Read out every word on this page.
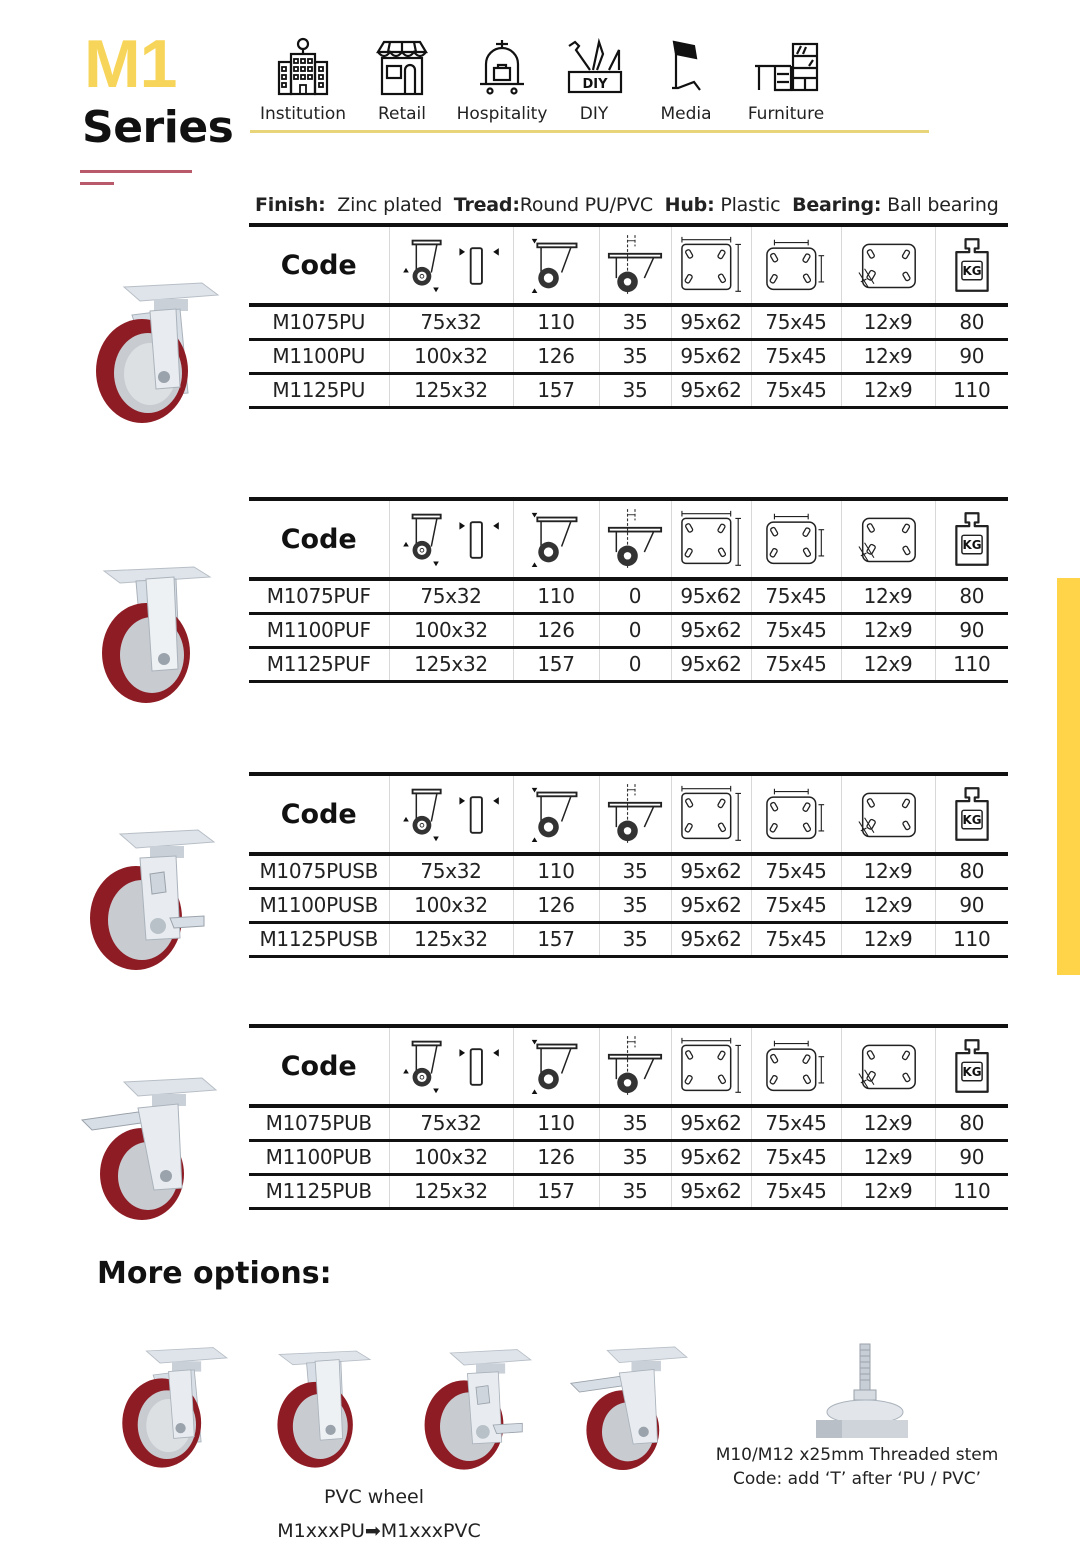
M1
Series Institution	Retail	Hospitality
DIY
DIY	Media	Furniture
Finish: Zinc plated Tread:Round PU/PVC Hub: Plastic Bearing: Ball bearing
Code	

M1075PU	75x32	110	35	95x62	75x45	12x9	80
M1100PU	100x32	126	35	95x62	75x45	12x9	90
M1125PU	125x32	157	35	95x62	75x45	12x9	110
Code	

M1075PUF	75x32	110	0	95x62	75x45	12x9	80
M1100PUF	100x32	126	0	95x62	75x45	12x9	90
M1125PUF	125x32	157	0	95x62	75x45	12x9	110
Code	

M1075PUSB	75x32	110	35	95x62	75x45	12x9	80
M1100PUSB	100x32	126	35	95x62	75x45	12x9	90
M1125PUSB	125x32	157	35	95x62	75x45	12x9	110
Code	

M1075PUB	75x32	110	35	95x62	75x45	12x9	80
M1100PUB	100x32	126	35	95x62	75x45	12x9	90
M1125PUB	125x32	157	35	95x62	75x45	12x9	110
More options:
PVC wheel
M1xxxPU➡M1xxxPVC
M10/M12 x25mm Threaded stem
Code: add ‘T’ after ‘PU / PVC’
